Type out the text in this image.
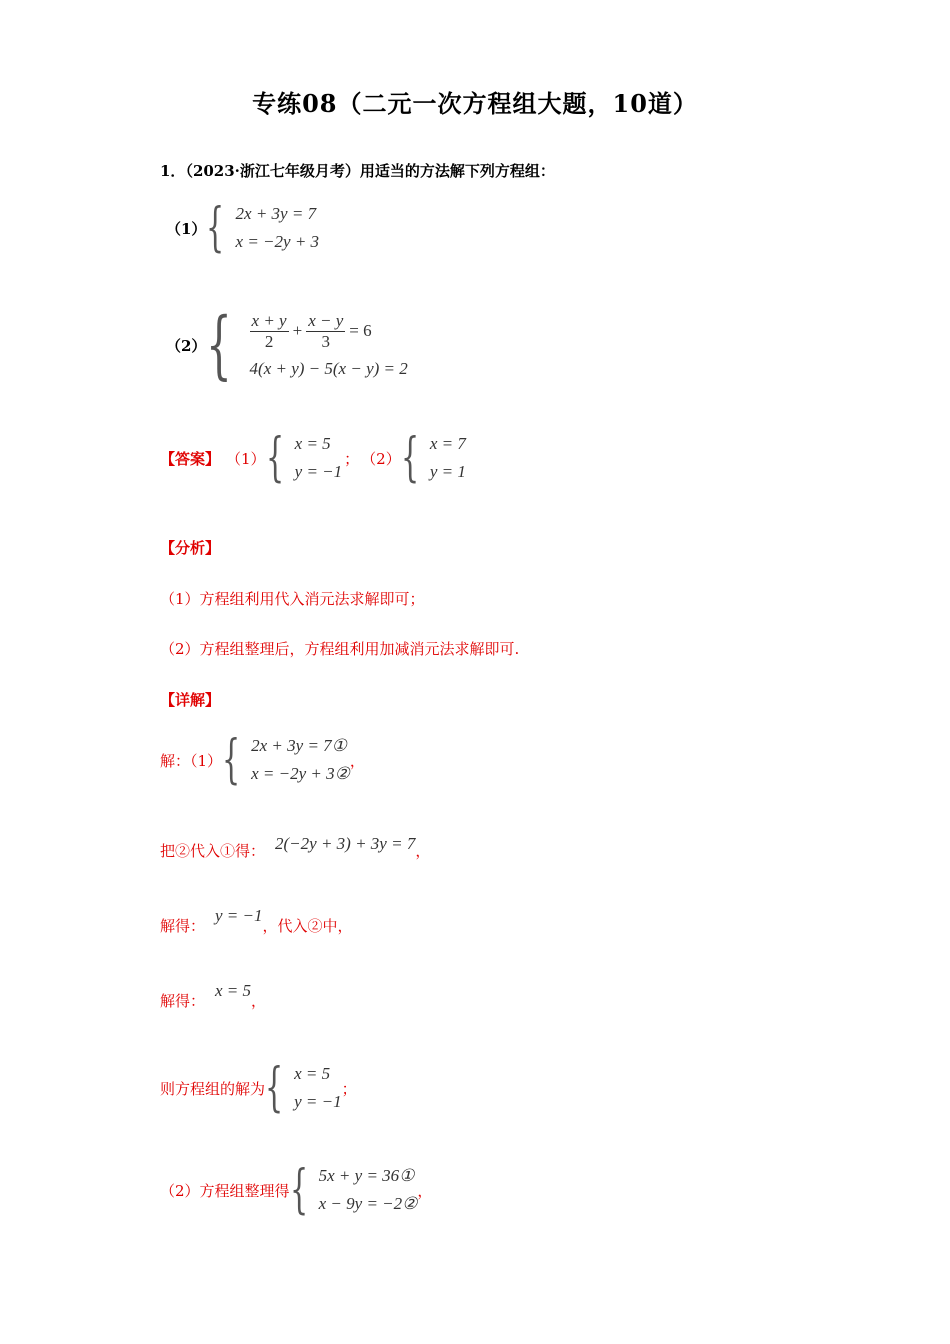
专练08（二元一次方程组大题，10道）
1．（2023·浙江七年级月考）用适当的方法解下列方程组：
（1） { 2x + 3y = 7
x = −2y + 3
（2） { $\frac{x + y}{2} + \frac{x - y}{3} = 6$
4(x + y) − 5(x − y) = 2
【答案】 （1） { x = 5
y = −1
； （2） { x = 7
y = 1
【分析】
（1）方程组利用代入消元法求解即可；
（2）方程组整理后，方程组利用加减消元法求解即可.
【详解】
解：（1） { 2x + 3y = 7①
x = −2y + 3②
，
把②代入①得： 2(−2y + 3) + 3y = 7 ，
解得：
y = −1
，代入②中，
解得：
x = 5
，
则方程组的解为 { x = 5
y = −1
；
（2）方程组整理得 { 5x + y = 36①
x − 9y = −2②
，
